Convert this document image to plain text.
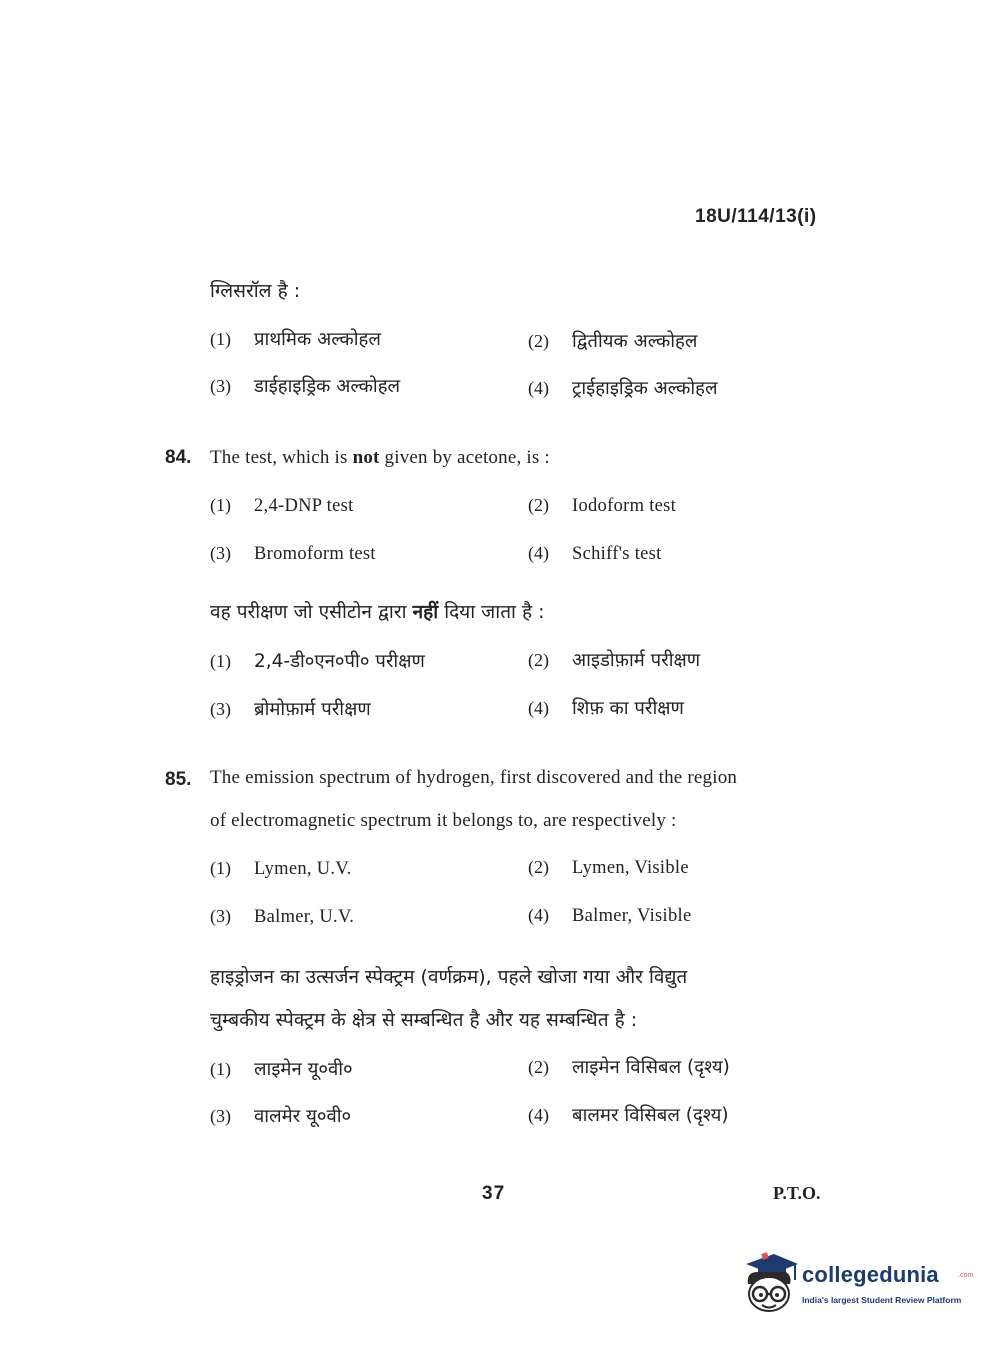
18U/114/13(i)
ग्लिसरॉल है :
(1) प्राथमिक अल्कोहल	(2) द्वितीयक अल्कोहल
(3) डाईहाइड्रिक अल्कोहल	(4) ट्राईहाइड्रिक अल्कोहल
84. The test, which is not given by acetone, is :
(1) 2,4-DNP test	(2) Iodoform test
(3) Bromoform test	(4) Schiff's test
वह परीक्षण जो एसीटोन द्वारा नहीं दिया जाता है :
(1) 2,4-डी०एन०पी० परीक्षण	(2) आइडोफ़ार्म परीक्षण
(3) ब्रोमोफ़ार्म परीक्षण	(4) शिफ़ का परीक्षण
85. The emission spectrum of hydrogen, first discovered and the region
of electromagnetic spectrum it belongs to, are respectively :
(1) Lymen, U.V.	(2) Lymen, Visible
(3) Balmer, U.V.	(4) Balmer, Visible
हाइड्रोजन का उत्सर्जन स्पेक्ट्रम (वर्णक्रम), पहले खोजा गया और विद्युत
चुम्बकीय स्पेक्ट्रम के क्षेत्र से सम्बन्धित है और यह सम्बन्धित है :
(1) लाइमेन यू०वी०	(2) लाइमेन विसिबल (दृश्य)
(3) वालमेर यू०वी०	(4) बालमर विसिबल (दृश्य)
37	P.T.O.
collegedunia	.com
India's largest Student Review Platform
